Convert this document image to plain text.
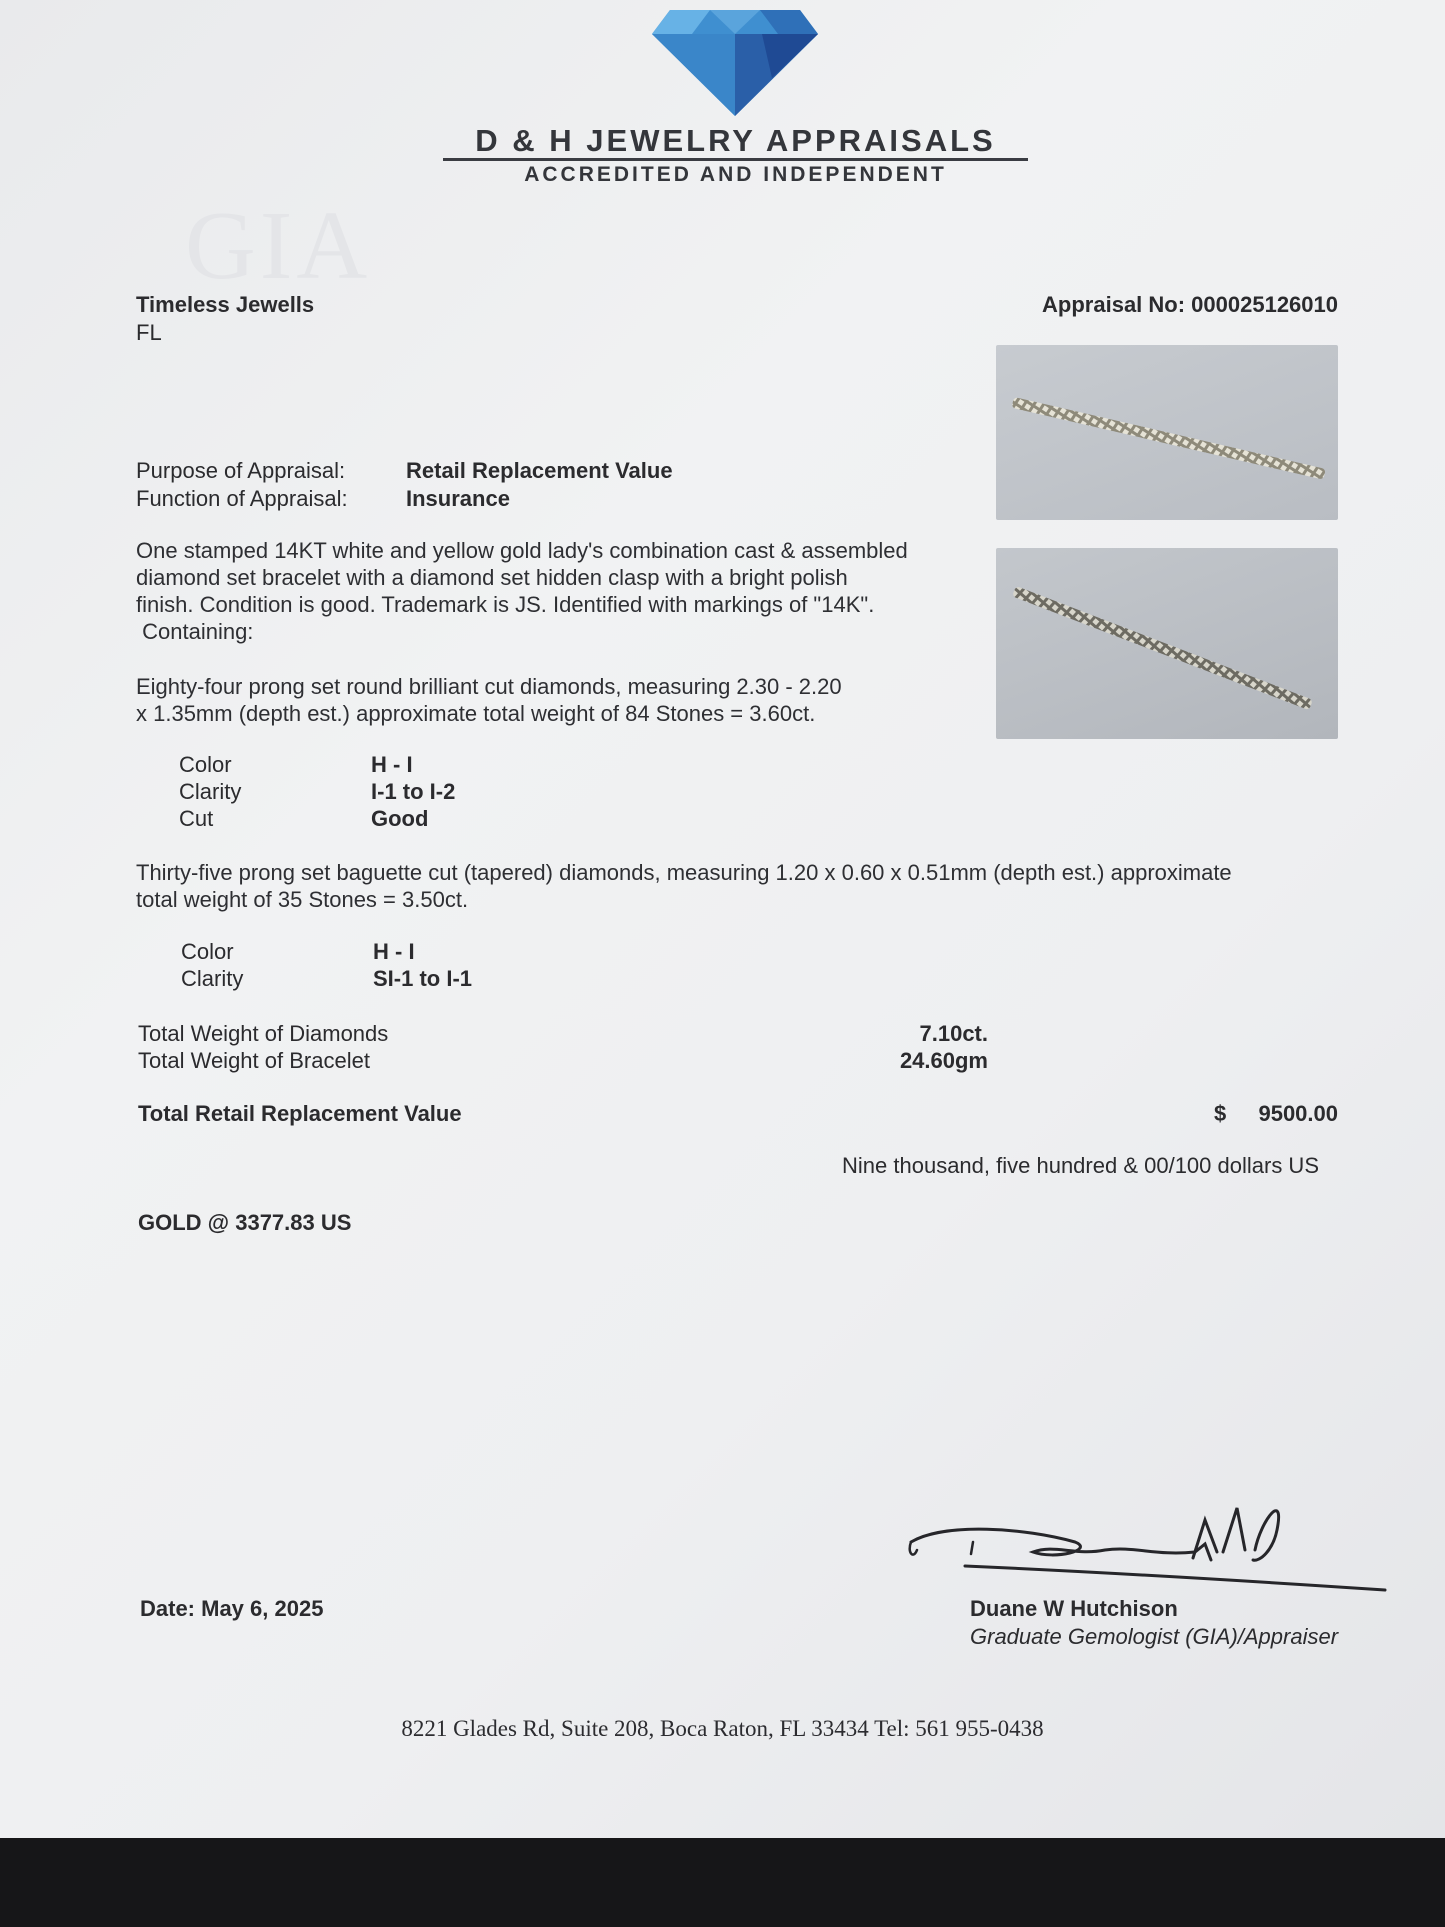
D & H JEWELRY APPRAISALS
ACCREDITED AND INDEPENDENT
GIA
Timeless Jewells
FL
Appraisal No: 000025126010
Purpose of Appraisal:	Retail Replacement Value
Function of Appraisal:	Insurance
One stamped 14KT white and yellow gold lady's combination cast & assembled
diamond set bracelet with a diamond set hidden clasp with a bright polish
finish. Condition is good. Trademark is JS. Identified with markings of "14K".
Containing:
Eighty-four prong set round brilliant cut diamonds, measuring 2.30 - 2.20
x 1.35mm (depth est.) approximate total weight of 84 Stones = 3.60ct.
Color	H - I
Clarity	I-1 to I-2
Cut	Good
Thirty-five prong set baguette cut (tapered) diamonds, measuring 1.20 x 0.60 x 0.51mm (depth est.) approximate
total weight of 35 Stones = 3.50ct.
Color	H - I
Clarity	SI-1 to I-1
Total Weight of Diamonds	7.10ct.
Total Weight of Bracelet	24.60gm
Total Retail Replacement Value	$ 9500.00
Nine thousand, five hundred & 00/100 dollars US
GOLD @ 3377.83 US
Date: May 6, 2025	Duane W Hutchison
Graduate Gemologist (GIA)/Appraiser
8221 Glades Rd, Suite 208, Boca Raton, FL 33434 Tel: 561 955-0438
